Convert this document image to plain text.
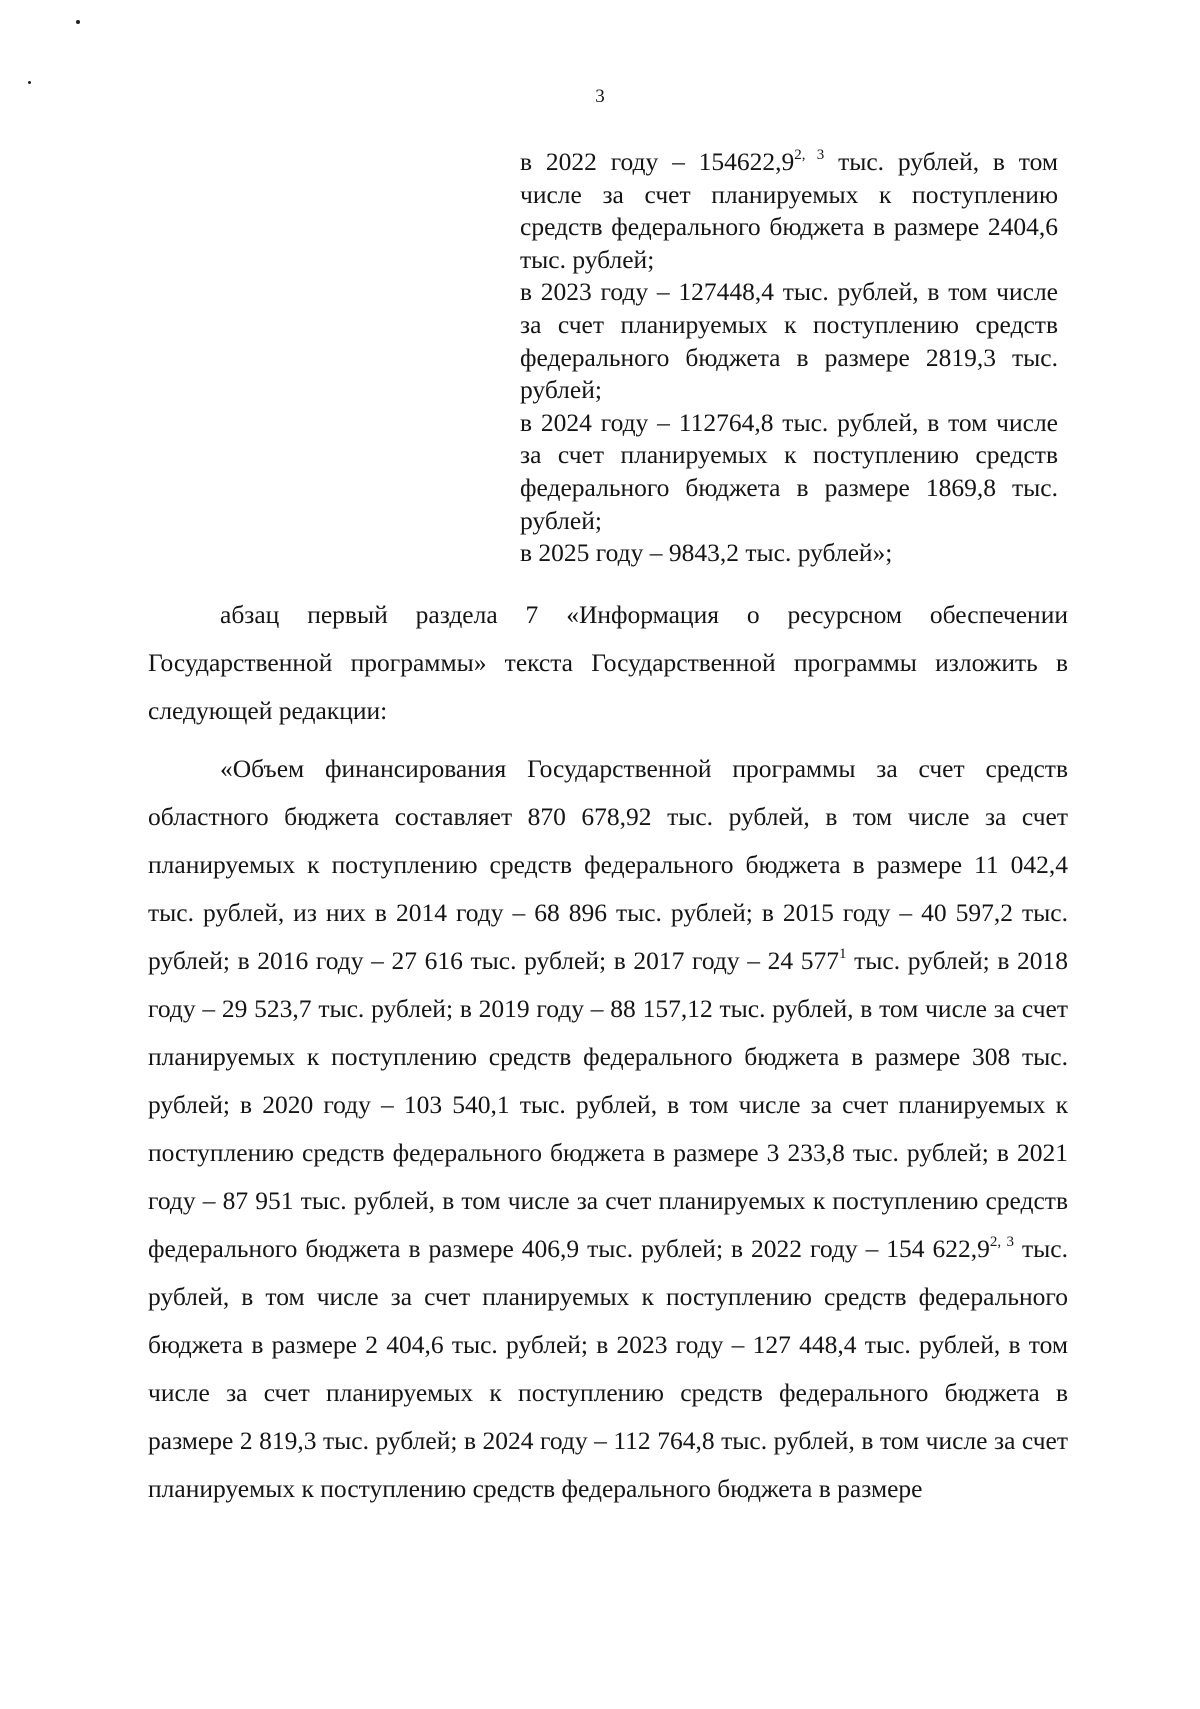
3
в 2022 году – 154622,9$^{2, 3}$ тыс. рублей, в том числе за счет планируемых к поступлению средств федерального бюджета в размере 2404,6 тыс. рублей;
в 2023 году – 127448,4 тыс. рублей, в том числе за счет планируемых к поступлению средств федерального бюджета в размере 2819,3 тыс. рублей;
в 2024 году – 112764,8 тыс. рублей, в том числе за счет планируемых к поступлению средств федерального бюджета в размере 1869,8 тыс. рублей;
в 2025 году – 9843,2 тыс. рублей»;

абзац первый раздела 7 «Информация о ресурсном обеспечении Государственной программы» текста Государственной программы изложить в следующей редакции:

«Объем финансирования Государственной программы за счет средств областного бюджета составляет 870 678,92 тыс. рублей, в том числе за счет планируемых к поступлению средств федерального бюджета в размере 11 042,4 тыс. рублей, из них в 2014 году – 68 896 тыс. рублей; в 2015 году – 40 597,2 тыс. рублей; в 2016 году – 27 616 тыс. рублей; в 2017 году – 24 $577^1$ тыс. рублей; в 2018 году – 29 523,7 тыс. рублей; в 2019 году – 88 157,12 тыс. рублей, в том числе за счет планируемых к поступлению средств федерального бюджета в размере 308 тыс. рублей; в 2020 году – 103 540,1 тыс. рублей, в том числе за счет планируемых к поступлению средств федерального бюджета в размере 3 233,8 тыс. рублей; в 2021 году – 87 951 тыс. рублей, в том числе за счет планируемых к поступлению средств федерального бюджета в размере 406,9 тыс. рублей; в 2022 году – 154 622,9$^{2, 3}$ тыс. рублей, в том числе за счет планируемых к поступлению средств федерального бюджета в размере 2 404,6 тыс. рублей; в 2023 году – 127 448,4 тыс. рублей, в том числе за счет планируемых к поступлению средств федерального бюджета в размере 2 819,3 тыс. рублей; в 2024 году – 112 764,8 тыс. рублей, в том числе за счет планируемых к поступлению средств федерального бюджета в размере
